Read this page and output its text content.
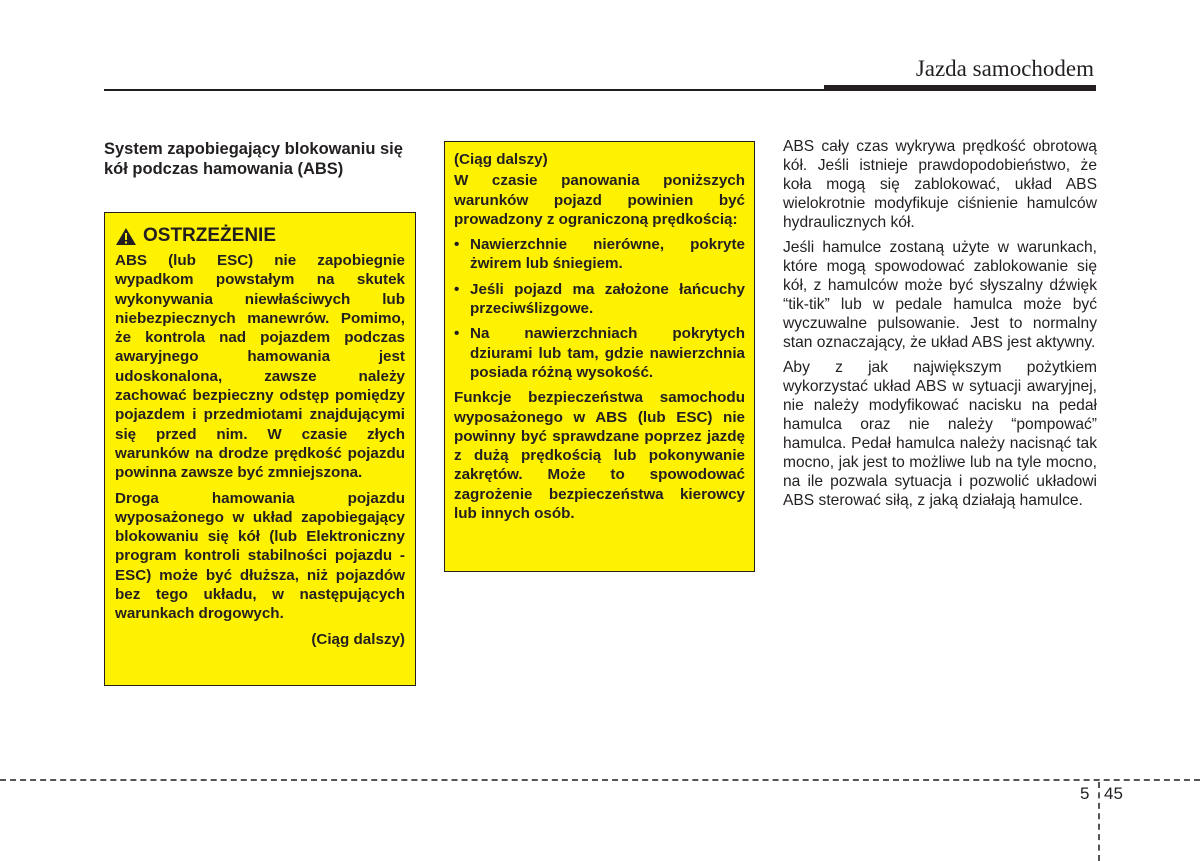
Jazda samochodem
System zapobiegający blokowaniu się kół podczas hamowania (ABS)
OSTRZEŻENIE

ABS (lub ESC) nie zapobiegnie wypadkom powstałym na skutek wykonywania niewłaściwych lub niebezpiecznych manewrów. Pomimo, że kontrola nad pojazdem podczas awaryjnego hamowania jest udoskonalona, zawsze należy zachować bezpieczny odstęp pomiędzy pojazdem i przedmiotami znajdującymi się przed nim. W czasie złych warunków na drodze prędkość pojazdu powinna zawsze być zmniejszona.

Droga hamowania pojazdu wyposażonego w układ zapobiegający blokowaniu się kół (lub Elektroniczny program kontroli stabilności pojazdu - ESC) może być dłuższa, niż pojazdów bez tego układu, w następujących warunkach drogowych.

(Ciąg dalszy)

(Ciąg dalszy)

W czasie panowania poniższych warunków pojazd powinien być prowadzony z ograniczoną prędkością:

• Nawierzchnie nierówne, pokryte żwirem lub śniegiem.
• Jeśli pojazd ma założone łańcuchy przeciwślizgowe.
• Na nawierzchniach pokrytych dziurami lub tam, gdzie nawierzchnia posiada różną wysokość.

Funkcje bezpieczeństwa samochodu wyposażonego w ABS (lub ESC) nie powinny być sprawdzane poprzez jazdę z dużą prędkością lub pokonywanie zakrętów. Może to spowodować zagrożenie bezpieczeństwa kierowcy lub innych osób.

ABS cały czas wykrywa prędkość obrotową kół. Jeśli istnieje prawdopodobieństwo, że koła mogą się zablokować, układ ABS wielokrotnie modyfikuje ciśnienie hamulców hydraulicznych kół.

Jeśli hamulce zostaną użyte w warunkach, które mogą spowodować zablokowanie się kół, z hamulców może być słyszalny dźwięk “tik-tik” lub w pedale hamulca może być wyczuwalne pulsowanie. Jest to normalny stan oznaczający, że układ ABS jest aktywny.

Aby z jak największym pożytkiem wykorzystać układ ABS w sytuacji awaryjnej, nie należy modyfikować nacisku na pedał hamulca oraz nie należy “pompować” hamulca. Pedał hamulca należy nacisnąć tak mocno, jak jest to możliwe lub na tyle mocno, na ile pozwala sytuacja i pozwolić układowi ABS sterować siłą, z jaką działają hamulce.

5 45
